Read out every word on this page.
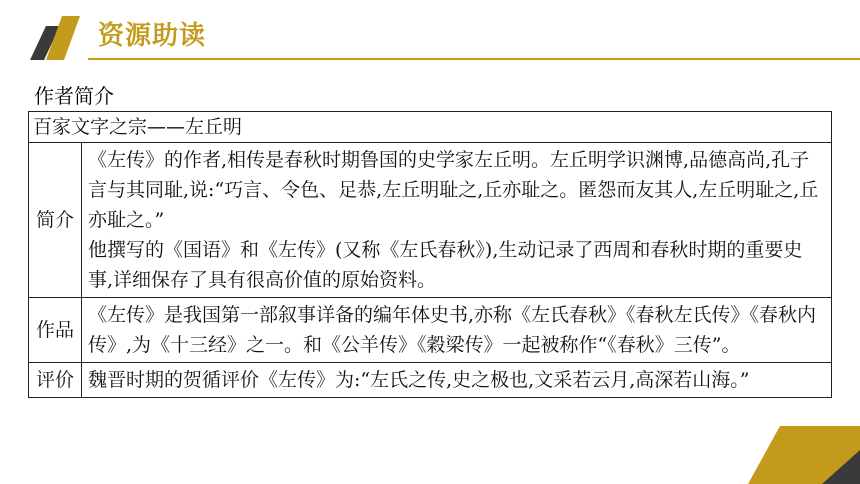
资源助读
作者简介
百家文字之宗——左丘明	
简介	《左传》的作者,相传是春秋时期鲁国的史学家左丘明。左丘明学识渊博,品德高尚,孔子言与其同耻,说:“巧言、令色、足恭,左丘明耻之,丘亦耻之。匿怨而友其人,左丘明耻之,丘亦耻之。”

他撰写的《国语》和《左传》(又称《左氏春秋》),生动记录了西周和春秋时期的重要史事,详细保存了具有很高价值的原始资料。

作品	《左传》是我国第一部叙事详备的编年体史书,亦称《左氏春秋》《春秋左氏传》《春秋内传》,为《十三经》之一。和《公羊传》《穀梁传》一起被称作“《春秋》三传”。

评价	魏晋时期的贺循评价《左传》为:“左氏之传,史之极也,文采若云月,高深若山海。”
